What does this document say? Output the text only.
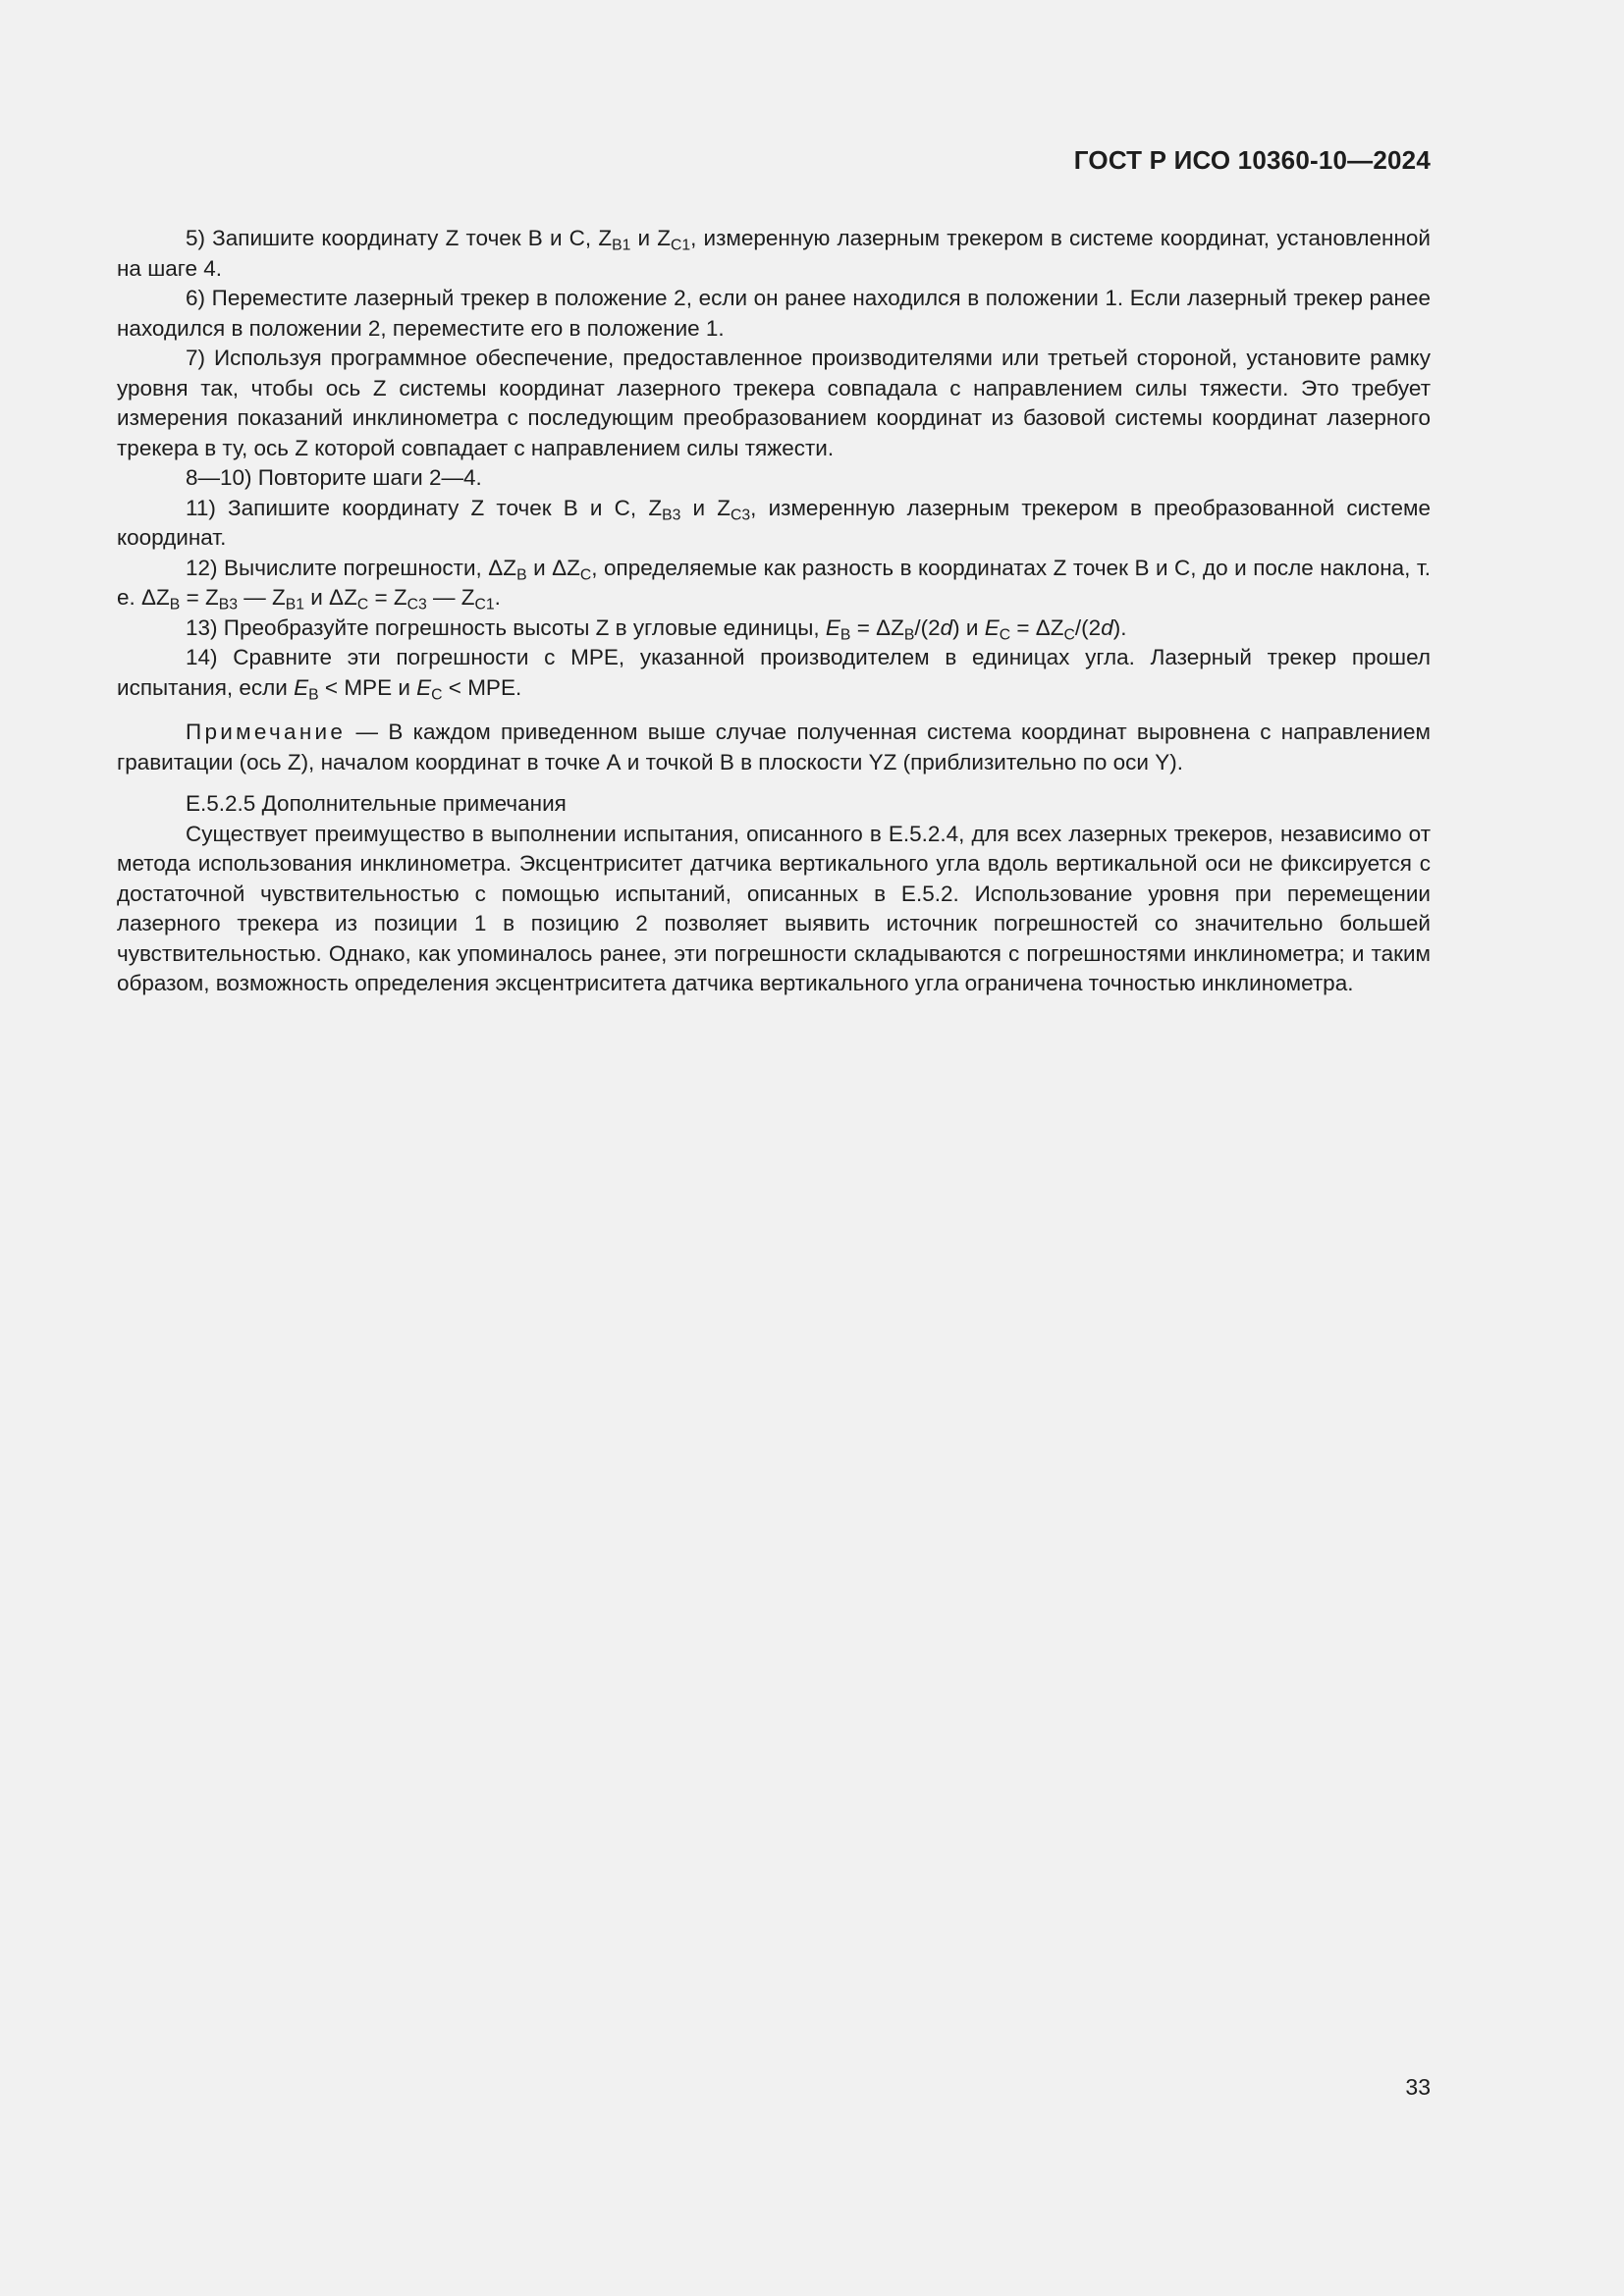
ГОСТ Р ИСО 10360-10—2024

5) Запишите координату Z точек В и С, $Z_{B1}$ и $Z_{C1}$, измеренную лазерным трекером в системе координат, установленной на шаге 4.

6) Переместите лазерный трекер в положение 2, если он ранее находился в положении 1. Если лазерный трекер ранее находился в положении 2, переместите его в положение 1.

7) Используя программное обеспечение, предоставленное производителями или третьей стороной, установите рамку уровня так, чтобы ось Z системы координат лазерного трекера совпадала с направлением силы тяжести. Это требует измерения показаний инклинометра с последующим преобразованием координат из базовой системы координат лазерного трекера в ту, ось Z которой совпадает с направлением силы тяжести.

8—10) Повторите шаги 2—4.

11) Запишите координату Z точек В и С, $Z_{B3}$ и $Z_{C3}$, измеренную лазерным трекером в преобразованной системе координат.

12) Вычислите погрешности, $\Delta Z_B$ и $\Delta Z_C$, определяемые как разность в координатах Z точек В и С, до и после наклона, т. е. $\Delta Z_B = Z_{B3}$ — $Z_{B1}$ и $\Delta Z_C = Z_{C3}$ — $Z_{C1}$.

13) Преобразуйте погрешность высоты Z в угловые единицы, $E_B = \Delta Z_B/(2d)$ и $E_C = \Delta Z_C/(2d)$.

14) Сравните эти погрешности с MPE, указанной производителем в единицах угла. Лазерный трекер прошел испытания, если $E_B$ < MPE и $E_C$ < MPE.

Примечание — В каждом приведенном выше случае полученная система координат выровнена с направлением гравитации (ось Z), началом координат в точке А и точкой В в плоскости YZ (приблизительно по оси Y).

Е.5.2.5 Дополнительные примечания

Существует преимущество в выполнении испытания, описанного в Е.5.2.4, для всех лазерных трекеров, независимо от метода использования инклинометра. Эксцентриситет датчика вертикального угла вдоль вертикальной оси не фиксируется с достаточной чувствительностью с помощью испытаний, описанных в Е.5.2. Использование уровня при перемещении лазерного трекера из позиции 1 в позицию 2 позволяет выявить источник погрешностей со значительно большей чувствительностью. Однако, как упоминалось ранее, эти погрешности складываются с погрешностями инклинометра; и таким образом, возможность определения эксцентриситета датчика вертикального угла ограничена точностью инклинометра.

33
